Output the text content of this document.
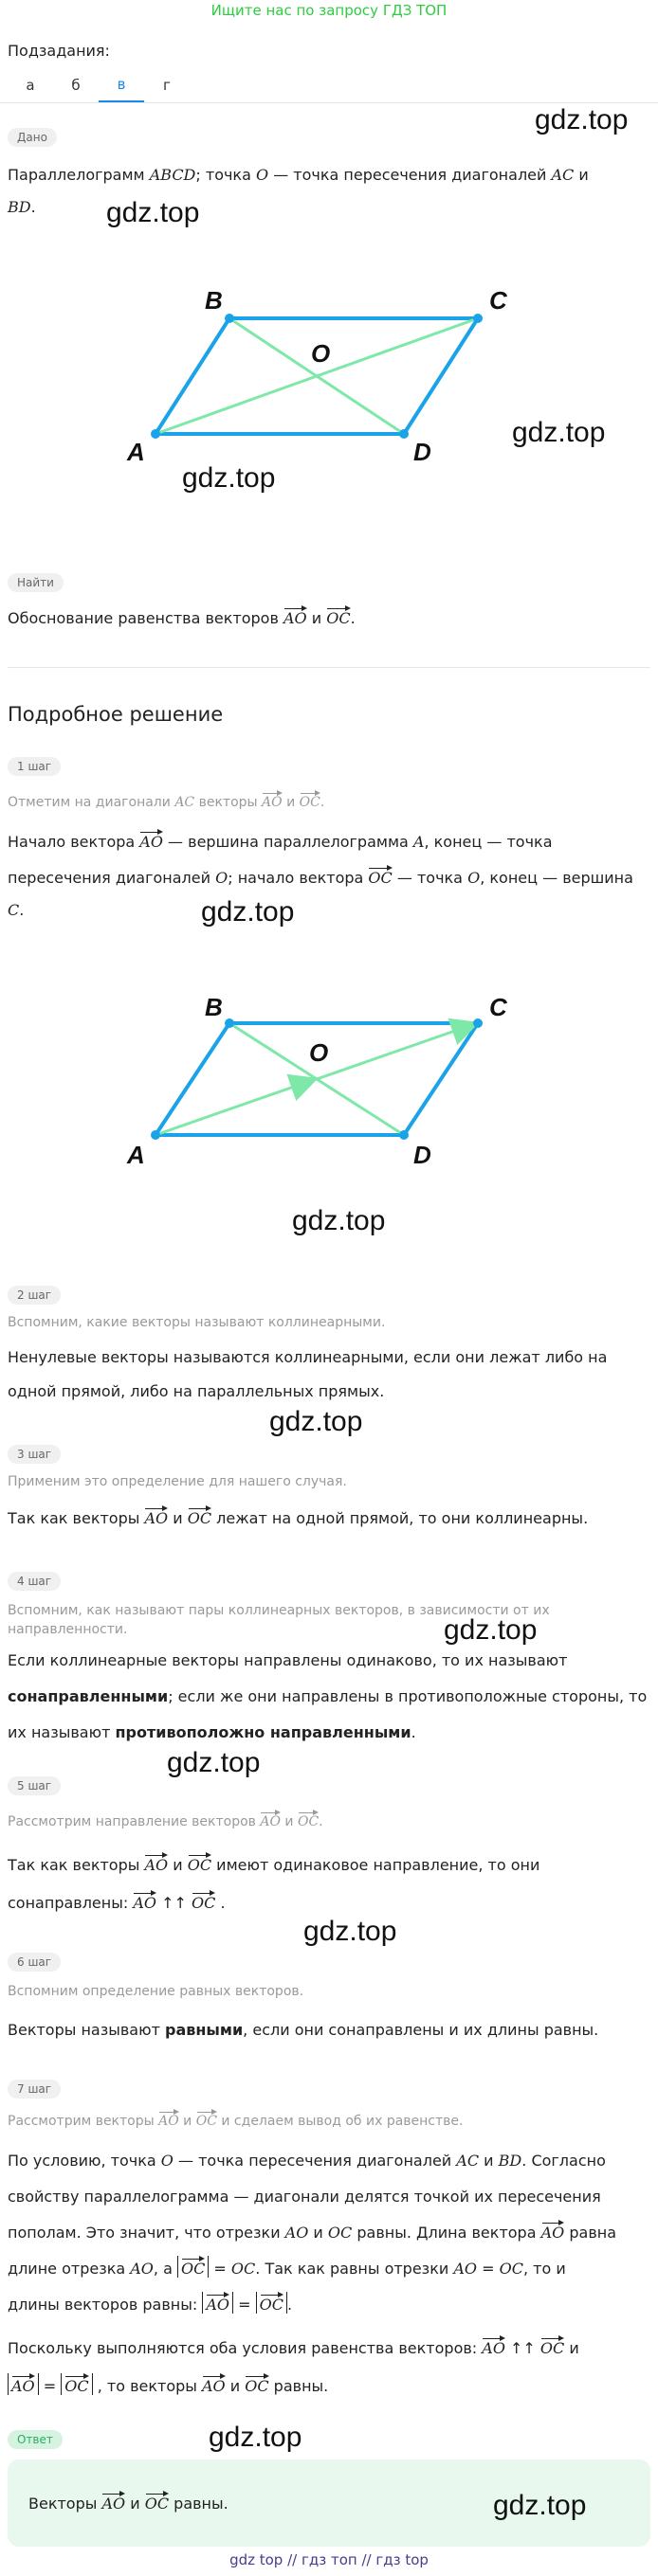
Ищите нас по запросу ГДЗ ТОП
Подзадания:
а	б	в	г
Дано
gdz.top
Параллелограмм ABCD; точка O — точка пересечения диагоналей AC и
BD. gdz.top
B	C
A	D
O
gdz.top
gdz.top
Найти
Обоснование равенства векторов AO и OC.
Подробное решение
1 шаг
Отметим на диагонали AC векторы AO и OC.
Начало вектора AO — вершина параллелограмма A, конец — точка
пересечения диагоналей O; начало вектора OC — точка O, конец — вершина
C.	gdz.top
B	C
A	D
O
gdz.top
2 шаг
Вспомним, какие векторы называют коллинеарными.
Ненулевые векторы называются коллинеарными, если они лежат либо на
одной прямой, либо на параллельных прямых.
gdz.top
3 шаг
Применим это определение для нашего случая.
Так как векторы AO и OC лежат на одной прямой, то они коллинеарны.
4 шаг
Вспомним, как называют пары коллинеарных векторов, в зависимости от их
направленности.	gdz.top
Если коллинеарные векторы направлены одинаково, то их называют
сонаправленными; если же они направлены в противоположные стороны, то
их называют противоположно направленными.
gdz.top
5 шаг
Рассмотрим направление векторов AO и OC.
Так как векторы AO и OC имеют одинаковое направление, то они
сонаправлены: AO ↑↑ OC .
gdz.top
6 шаг
Вспомним определение равных векторов.
Векторы называют равными, если они сонаправлены и их длины равны.
7 шаг
Рассмотрим векторы AO и OC и сделаем вывод об их равенстве.
По условию, точка O — точка пересечения диагоналей AC и BD. Согласно
свойству параллелограмма — диагонали делятся точкой их пересечения
пополам. Это значит, что отрезки AO и OC равны. Длина вектора AO равна
длине отрезка AO, а OC = OC. Так как равны отрезки AO = OC, то и
длины векторов равны: AO = OC .
Поскольку выполняются оба условия равенства векторов: AO ↑↑ OC и
AO = OC , то векторы AO и OC равны.
Ответ	gdz.top
Векторы AO и OC равны.	gdz.top
gdz top // гдз топ // гдз top
